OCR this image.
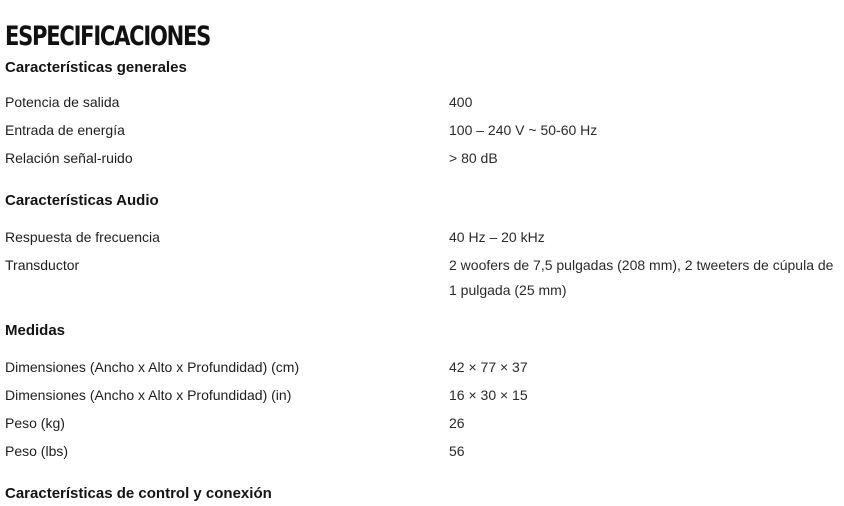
ESPECIFICACIONES
Características generales
Potencia de salida	400
Entrada de energía	100 – 240 V ~ 50-60 Hz
Relación señal-ruido	> 80 dB
Características Audio
Respuesta de frecuencia	40 Hz – 20 kHz
Transductor	2 woofers de 7,5 pulgadas (208 mm), 2 tweeters de cúpula de 1 pulgada (25 mm)
Medidas
Dimensiones (Ancho x Alto x Profundidad) (cm)	42 × 77 × 37
Dimensiones (Ancho x Alto x Profundidad) (in)	16 × 30 × 15
Peso (kg)	26
Peso (lbs)	56
Características de control y conexión
